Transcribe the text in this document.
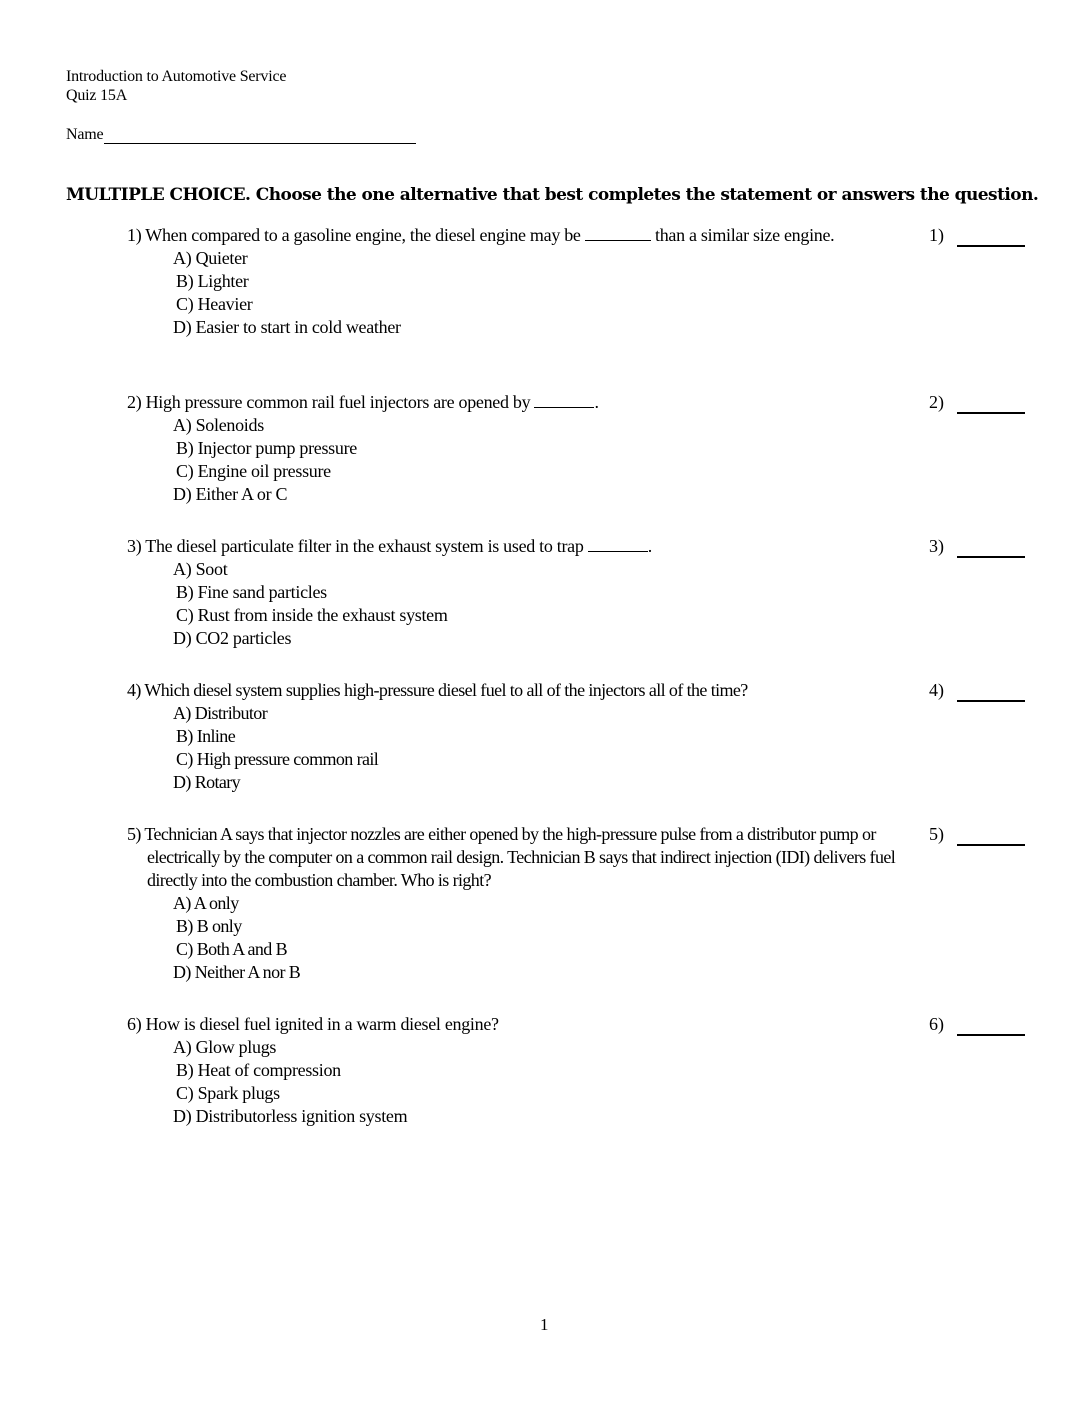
Introduction to Automotive Service
Quiz 15A
Name
MULTIPLE CHOICE. Choose the one alternative that best completes the statement or answers the question.
1) When compared to a gasoline engine, the diesel engine may be	than a similar size engine.
A) Quieter
B) Lighter
C) Heavier
D) Easier to start in cold weather
1)
2) High pressure common rail fuel injectors are opened by	.
A) Solenoids
B) Injector pump pressure
C) Engine oil pressure
D) Either A or C
2)
3) The diesel particulate filter in the exhaust system is used to trap	.
A) Soot
B) Fine sand particles
C) Rust from inside the exhaust system
D) CO2 particles
3)
4) Which diesel system supplies high-pressure diesel fuel to all of the injectors all of the time?
A) Distributor
B) Inline
C) High pressure common rail
D) Rotary
4)
5) Technician A says that injector nozzles are either opened by the high-pressure pulse from a distributor pump or electrically by the computer on a common rail design. Technician B says that indirect injection (IDI) delivers fuel directly into the combustion chamber. Who is right?
A) A only
B) B only
C) Both A and B
D) Neither A nor B
5)
6) How is diesel fuel ignited in a warm diesel engine?
A) Glow plugs
B) Heat of compression
C) Spark plugs
D) Distributorless ignition system
6)
1
